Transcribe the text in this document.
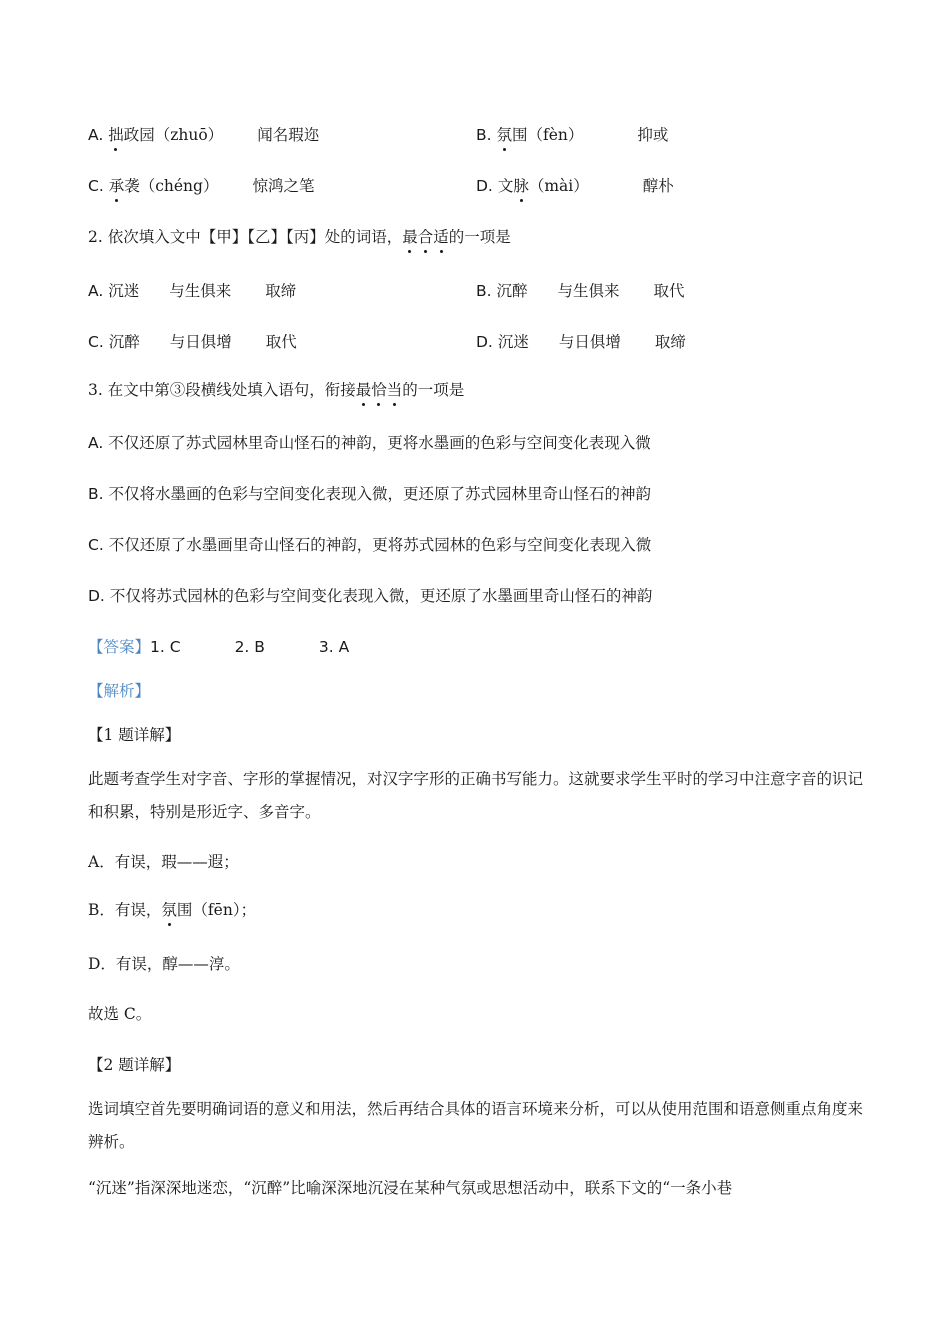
A. 拙政园（zhuō） 闻名瑕迩	B. 氛围（fèn）	抑或
C. 承袭（chéng） 惊鸿之笔	D. 文脉（mài）	醇朴
2. 依次填入文中【甲】【乙】【丙】处的词语，最合适的一项是
A. 沉迷 与生俱来 取缔	B. 沉醉 与生俱来 取代
C. 沉醉 与日俱增 取代	D. 沉迷 与日俱增 取缔
3. 在文中第③段横线处填入语句，衔接最恰当的一项是
A. 不仅还原了苏式园林里奇山怪石的神韵，更将水墨画的色彩与空间变化表现入微
B. 不仅将水墨画的色彩与空间变化表现入微，更还原了苏式园林里奇山怪石的神韵
C. 不仅还原了水墨画里奇山怪石的神韵，更将苏式园林的色彩与空间变化表现入微
D. 不仅将苏式园林的色彩与空间变化表现入微，更还原了水墨画里奇山怪石的神韵
【答案】1. C	2. B	3. A
【解析】
【1 题详解】
此题考查学生对字音、字形的掌握情况，对汉字字形的正确书写能力。这就要求学生平时的学习中注意字音的识记和积累，特别是形近字、多音字。
A．有误，瑕——遐；
B．有误，氛围（fēn）；
D．有误，醇——淳。
故选 C。
【2 题详解】
选词填空首先要明确词语的意义和用法，然后再结合具体的语言环境来分析，可以从使用范围和语意侧重点角度来辨析。
“沉迷”指深深地迷恋，“沉醉”比喻深深地沉浸在某种气氛或思想活动中，联系下文的“一条小巷
